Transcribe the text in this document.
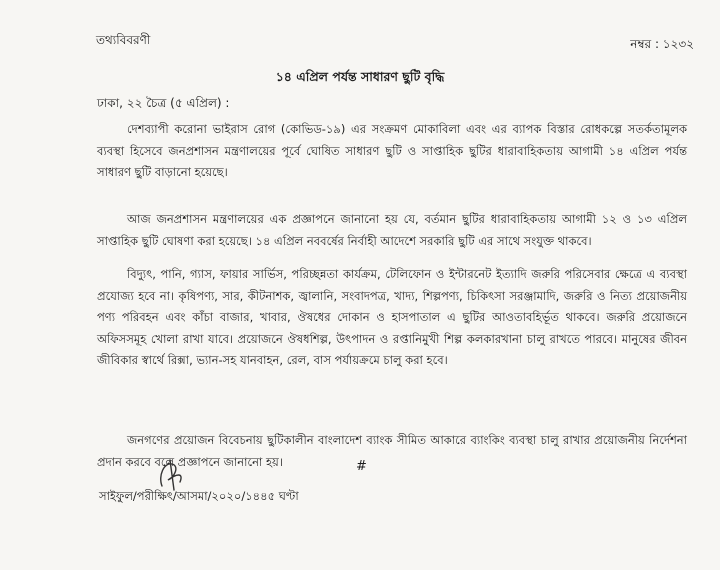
তথ্যবিবরণী	নম্বর : ১২৩২
১৪ এপ্রিল পর্যন্ত সাধারণ ছুটি বৃদ্ধি
ঢাকা, ২২ চৈত্র (৫ এপ্রিল) :

দেশব্যাপী করোনা ভাইরাস রোগ (কোভিড-১৯) এর সংক্রমণ মোকাবিলা এবং এর ব্যাপক বিস্তার রোধকল্পে সতর্কতামূলক ব্যবস্থা হিসেবে জনপ্রশাসন মন্ত্রণালয়ের পূর্বে ঘোষিত সাধারণ ছুটি ও সাপ্তাহিক ছুটির ধারাবাহিকতায় আগামী ১৪ এপ্রিল পর্যন্ত সাধারণ ছুটি বাড়ানো হয়েছে।

আজ জনপ্রশাসন মন্ত্রণালয়ের এক প্রজ্ঞাপনে জানানো হয় যে, বর্তমান ছুটির ধারাবাহিকতায় আগামী ১২ ও ১৩ এপ্রিল সাপ্তাহিক ছুটি ঘোষণা করা হয়েছে। ১৪ এপ্রিল নববর্ষের নির্বাহী আদেশে সরকারি ছুটি এর সাথে সংযুক্ত থাকবে।

বিদ্যুৎ, পানি, গ্যাস, ফায়ার সার্ভিস, পরিচ্ছন্নতা কার্যক্রম, টেলিফোন ও ইন্টারনেট ইত্যাদি জরুরি পরিসেবার ক্ষেত্রে এ ব্যবস্থা প্রযোজ্য হবে না। কৃষিপণ্য, সার, কীটনাশক, জ্বালানি, সংবাদপত্র, খাদ্য, শিল্পপণ্য, চিকিৎসা সরঞ্জামাদি, জরুরি ও নিত্য প্রয়োজনীয় পণ্য পরিবহন এবং কাঁচা বাজার, খাবার, ঔষধের দোকান ও হাসপাতাল এ ছুটির আওতাবহির্ভূত থাকবে। জরুরি প্রয়োজনে অফিসসমূহ খোলা রাখা যাবে। প্রয়োজনে ঔষধশিল্প, উৎপাদন ও রপ্তানিমুখী শিল্প কলকারখানা চালু রাখতে পারবে। মানুষের জীবন জীবিকার স্বার্থে রিক্সা, ভ্যান-সহ যানবাহন, রেল, বাস পর্যায়ক্রমে চালু করা হবে।

জনগণের প্রয়োজন বিবেচনায় ছুটিকালীন বাংলাদেশ ব্যাংক সীমিত আকারে ব্যাংকিং ব্যবস্থা চালু রাখার প্রয়োজনীয় নির্দেশনা প্রদান করবে বলে প্রজ্ঞাপনে জানানো হয়।	#
সাইফুল/পরীক্ষিৎ/আসমা/২০২০/১৪৪৫ ঘণ্টা
